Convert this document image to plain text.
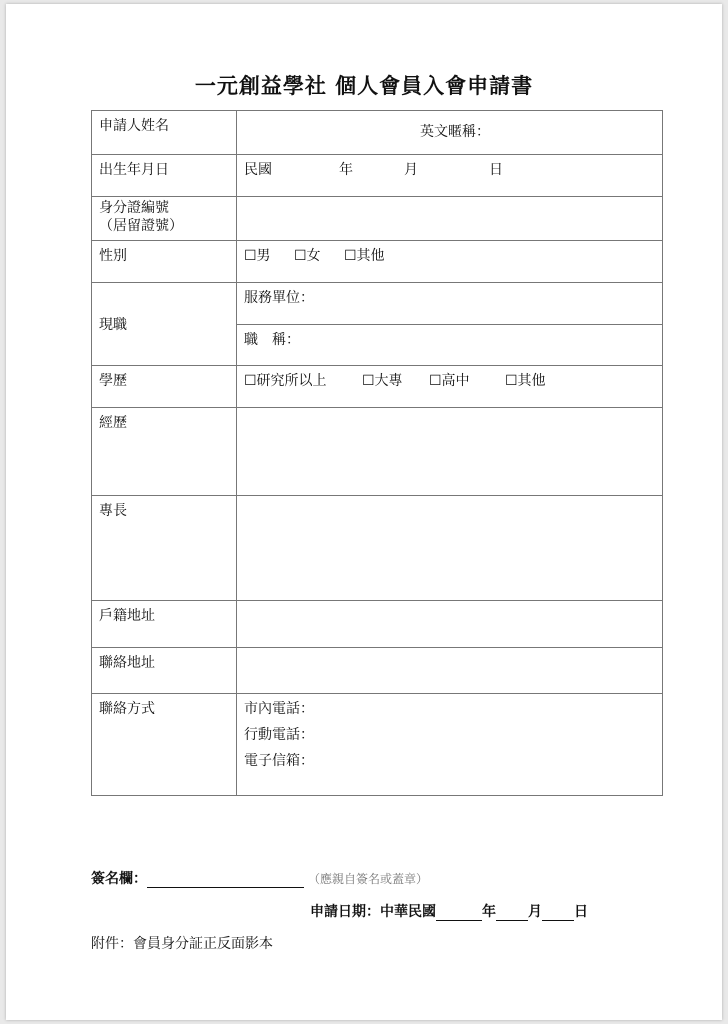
一元創益學社 個人會員入會申請書
申請人姓名	英文暱稱：

出生年月日	民國 年 月 日

身分證編號
（居留證號）	

性別	☐男 ☐女 ☐其他
現職	服務單位：
	職　稱：
學歷	☐研究所以上 ☐大專 ☐高中 ☐其他
經歷	
專長	
戶籍地址	
聯絡地址	
聯絡方式	市內電話：
行動電話：
電子信箱：
簽名欄：	（應親自簽名或蓋章）
申請日期：中華民國	年 月 日
附件：會員身分証正反面影本
